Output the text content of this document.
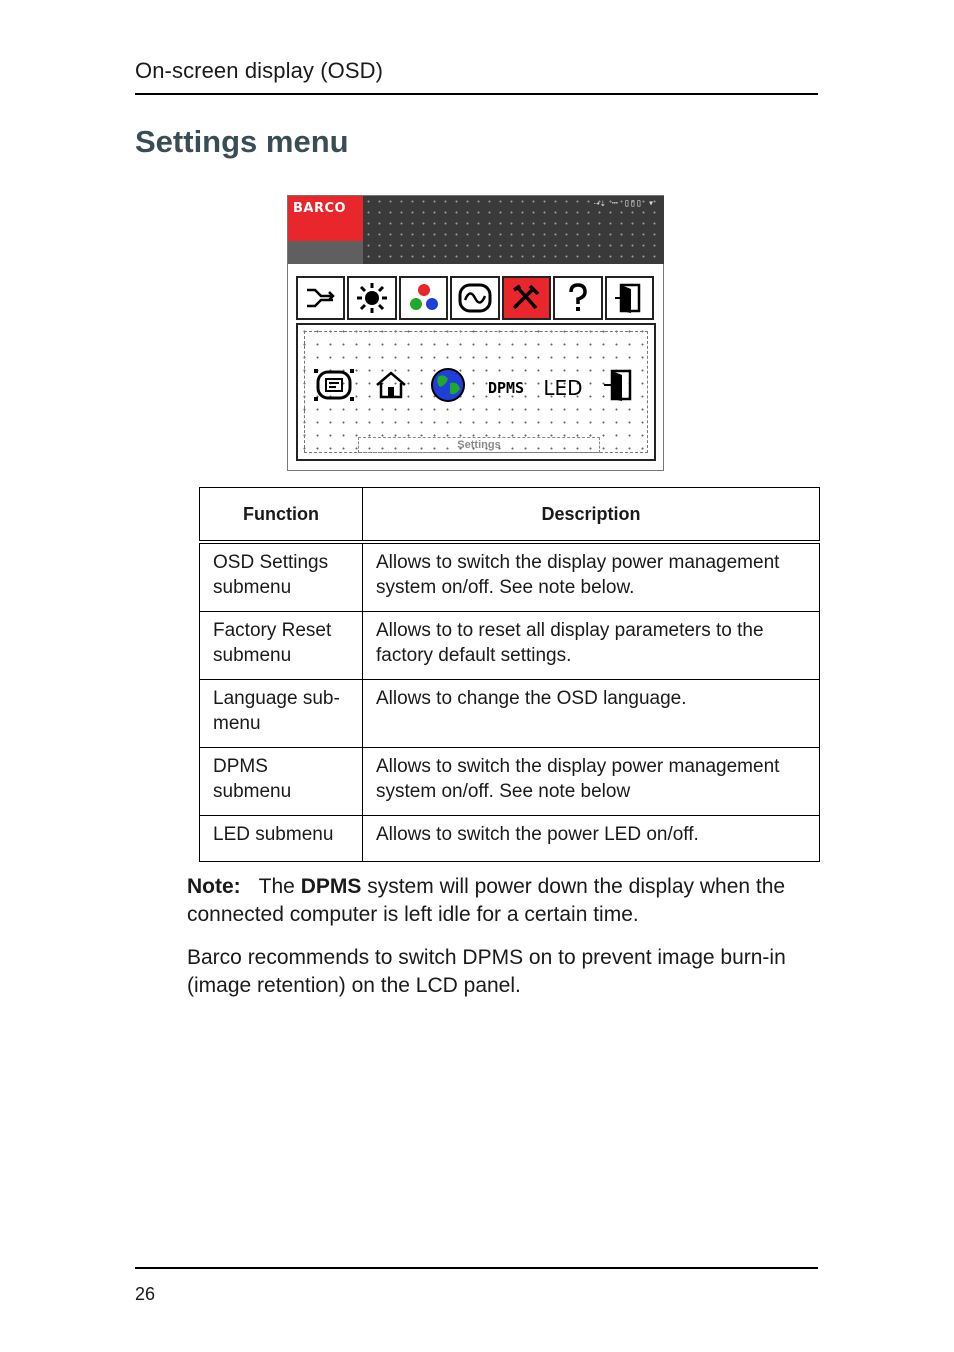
On-screen display (OSD)
Settings menu
BARCO	⇢⇣ ⋯ ▯▯▯ ▾
DPMS LED
Settings
Function	Description
OSD Settings submenu	Allows to switch the display power management system on/off. See note below.
Factory Reset submenu	Allows to to reset all display parameters to the factory default settings.
Language sub-menu	Allows to change the OSD language.
DPMS submenu	Allows to switch the display power management system on/off. See note below
LED submenu	Allows to switch the power LED on/off.
Note: The DPMS system will power down the display when the connected computer is left idle for a certain time.
Barco recommends to switch DPMS on to prevent image burn-in (image retention) on the LCD panel.
26
